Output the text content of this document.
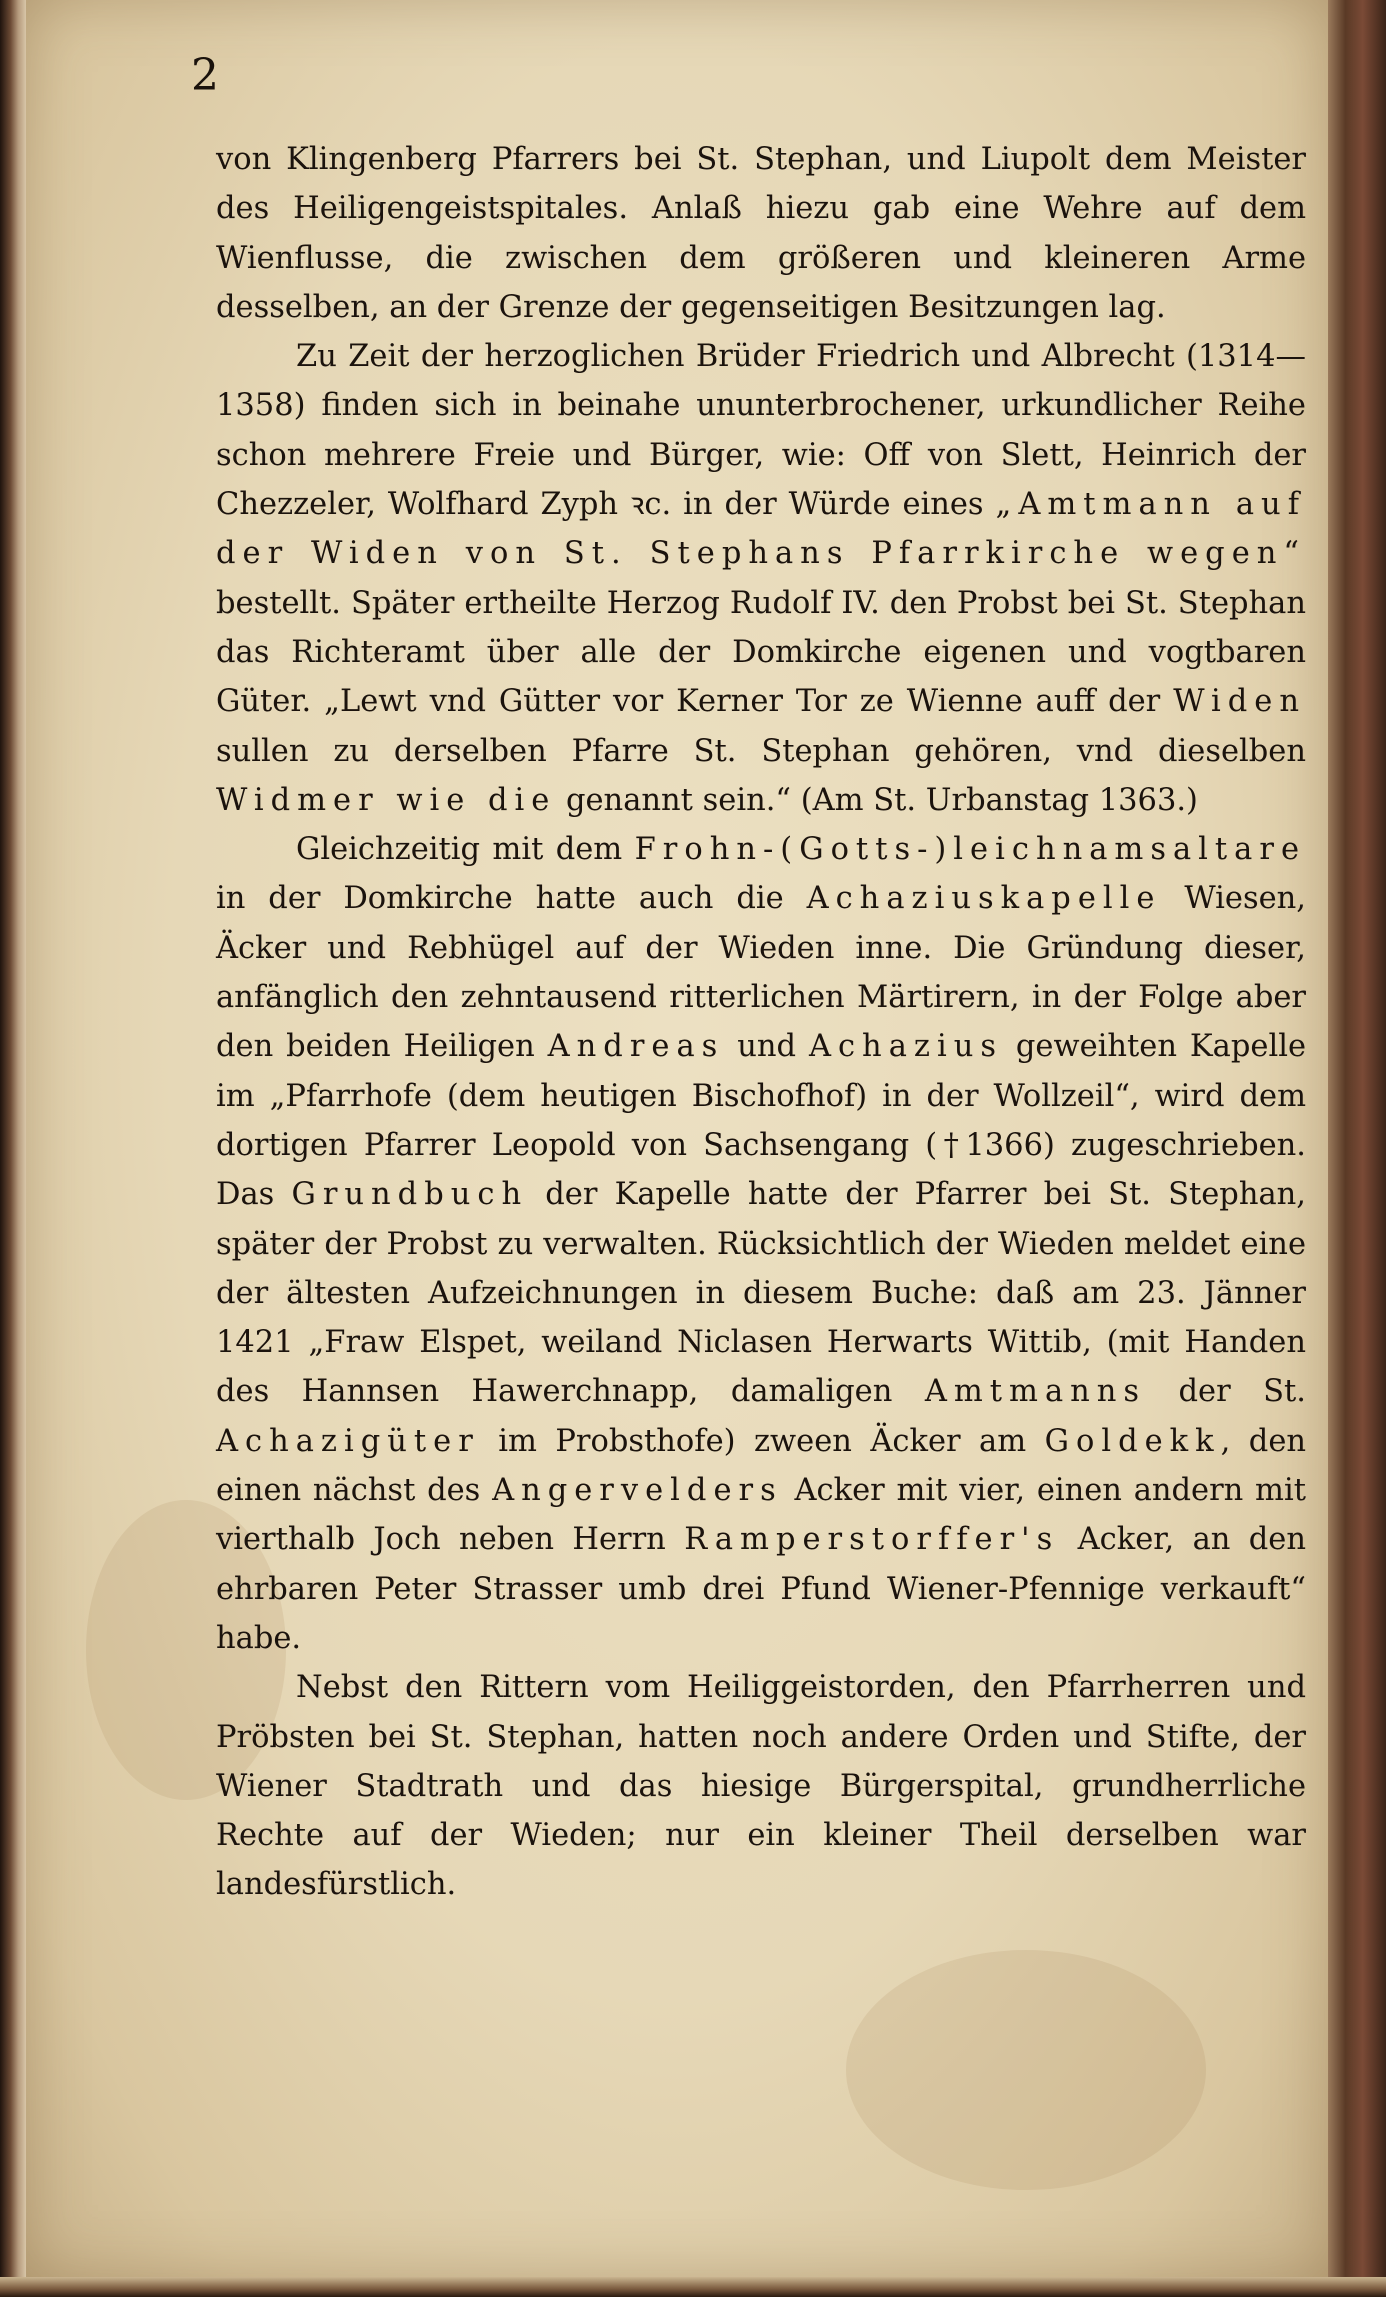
2

von Klingenberg Pfarrers bei St. Stephan, und Liupolt dem Meister des Heiligengeistspitales. Anlaß hiezu gab eine Wehre auf dem Wienflusse, die zwischen dem größeren und kleineren Arme desselben, an der Grenze der gegenseitigen Besitzungen lag.

Zu Zeit der herzoglichen Brüder Friedrich und Albrecht (1314—1358) finden sich in beinahe ununterbrochener, urkundlicher Reihe schon mehrere Freie und Bürger, wie: Off von Slett, Heinrich der Chezzeler, Wolfhard Zyph ꝛc. in der Würde eines „Amtmann auf der Widen von St. Stephans Pfarrkirche wegen“ bestellt. Später ertheilte Herzog Rudolf IV. den Probst bei St. Stephan das Richteramt über alle der Domkirche eigenen und vogtbaren Güter. „Lewt vnd Gütter vor Kerner Tor ze Wienne auff der Widen sullen zu derselben Pfarre St. Stephan gehören, vnd dieselben Widmer wie die genannt sein.“ (Am St. Urbanstag 1363.)

Gleichzeitig mit dem Frohn-(Gotts-)leichnamsaltare in der Domkirche hatte auch die Achaziuskapelle Wiesen, Äcker und Rebhügel auf der Wieden inne. Die Gründung dieser, anfänglich den zehntausend ritterlichen Märtirern, in der Folge aber den beiden Heiligen Andreas und Achazius geweihten Kapelle im „Pfarrhofe (dem heutigen Bischofhof) in der Wollzeil“, wird dem dortigen Pfarrer Leopold von Sachsengang (†1366) zugeschrieben. Das Grundbuch der Kapelle hatte der Pfarrer bei St. Stephan, später der Probst zu verwalten. Rücksichtlich der Wieden meldet eine der ältesten Aufzeichnungen in diesem Buche: daß am 23. Jänner 1421 „Fraw Elspet, weiland Niclasen Herwarts Wittib, (mit Handen des Hannsen Hawerchnapp, damaligen Amtmanns der St. Achazigüter im Probsthofe) zween Äcker am Goldekk, den einen nächst des Angervelders Acker mit vier, einen andern mit vierthalb Joch neben Herrn Ramperstorffer's Acker, an den ehrbaren Peter Strasser umb drei Pfund Wiener-Pfennige verkauft“ habe.

Nebst den Rittern vom Heiliggeistorden, den Pfarrherren und Pröbsten bei St. Stephan, hatten noch andere Orden und Stifte, der Wiener Stadtrath und das hiesige Bürgerspital, grundherrliche Rechte auf der Wieden; nur ein kleiner Theil derselben war landesfürstlich.
